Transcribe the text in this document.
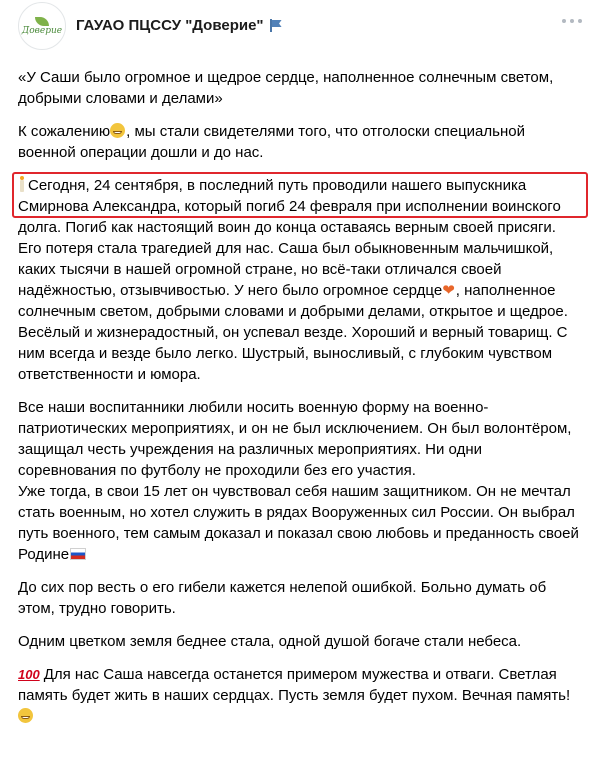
Доверие ГАУАО ПЦССУ "Доверие"

«У Саши было огромное и щедрое сердце, наполненное солнечным светом, добрыми словами и делами»

К сожалению , мы стали свидетелями того, что отголоски специальной военной операции дошли и до нас.

Сегодня, 24 сентября, в последний путь проводили нашего выпускника Смирнова Александра, который погиб 24 февраля при исполнении воинского долга. Погиб как настоящий воин до конца оставаясь верным своей присяги. Его потеря стала трагедией для нас. Саша был обыкновенным мальчишкой, каких тысячи в нашей огромной стране, но всё-таки отличался своей надёжностью, отзывчивостью. У него было огромное сердце❤, наполненное солнечным светом, добрыми словами и добрыми делами, открытое и щедрое. Весёлый и жизнерадостный, он успевал везде. Хороший и верный товарищ. С ним всегда и везде было легко. Шустрый, выносливый, с глубоким чувством ответственности и юмора.

Все наши воспитанники любили носить военную форму на военно-патриотических мероприятиях, и он не был исключением. Он был волонтёром, защищал честь учреждения на различных мероприятиях. Ни одни соревнования по футболу не проходили без его участия.
Уже тогда, в свои 15 лет он чувствовал себя нашим защитником. Он не мечтал стать военным, но хотел служить в рядах Вооруженных сил России. Он выбрал путь военного, тем самым доказал и показал свою любовь и преданность своей Родине

До сих пор весть о его гибели кажется нелепой ошибкой. Больно думать об этом, трудно говорить.

Одним цветком земля беднее стала, одной душой богаче стали небеса.

100 Для нас Саша навсегда останется примером мужества и отваги. Светлая память будет жить в наших сердцах. Пусть земля будет пухом. Вечная память!
